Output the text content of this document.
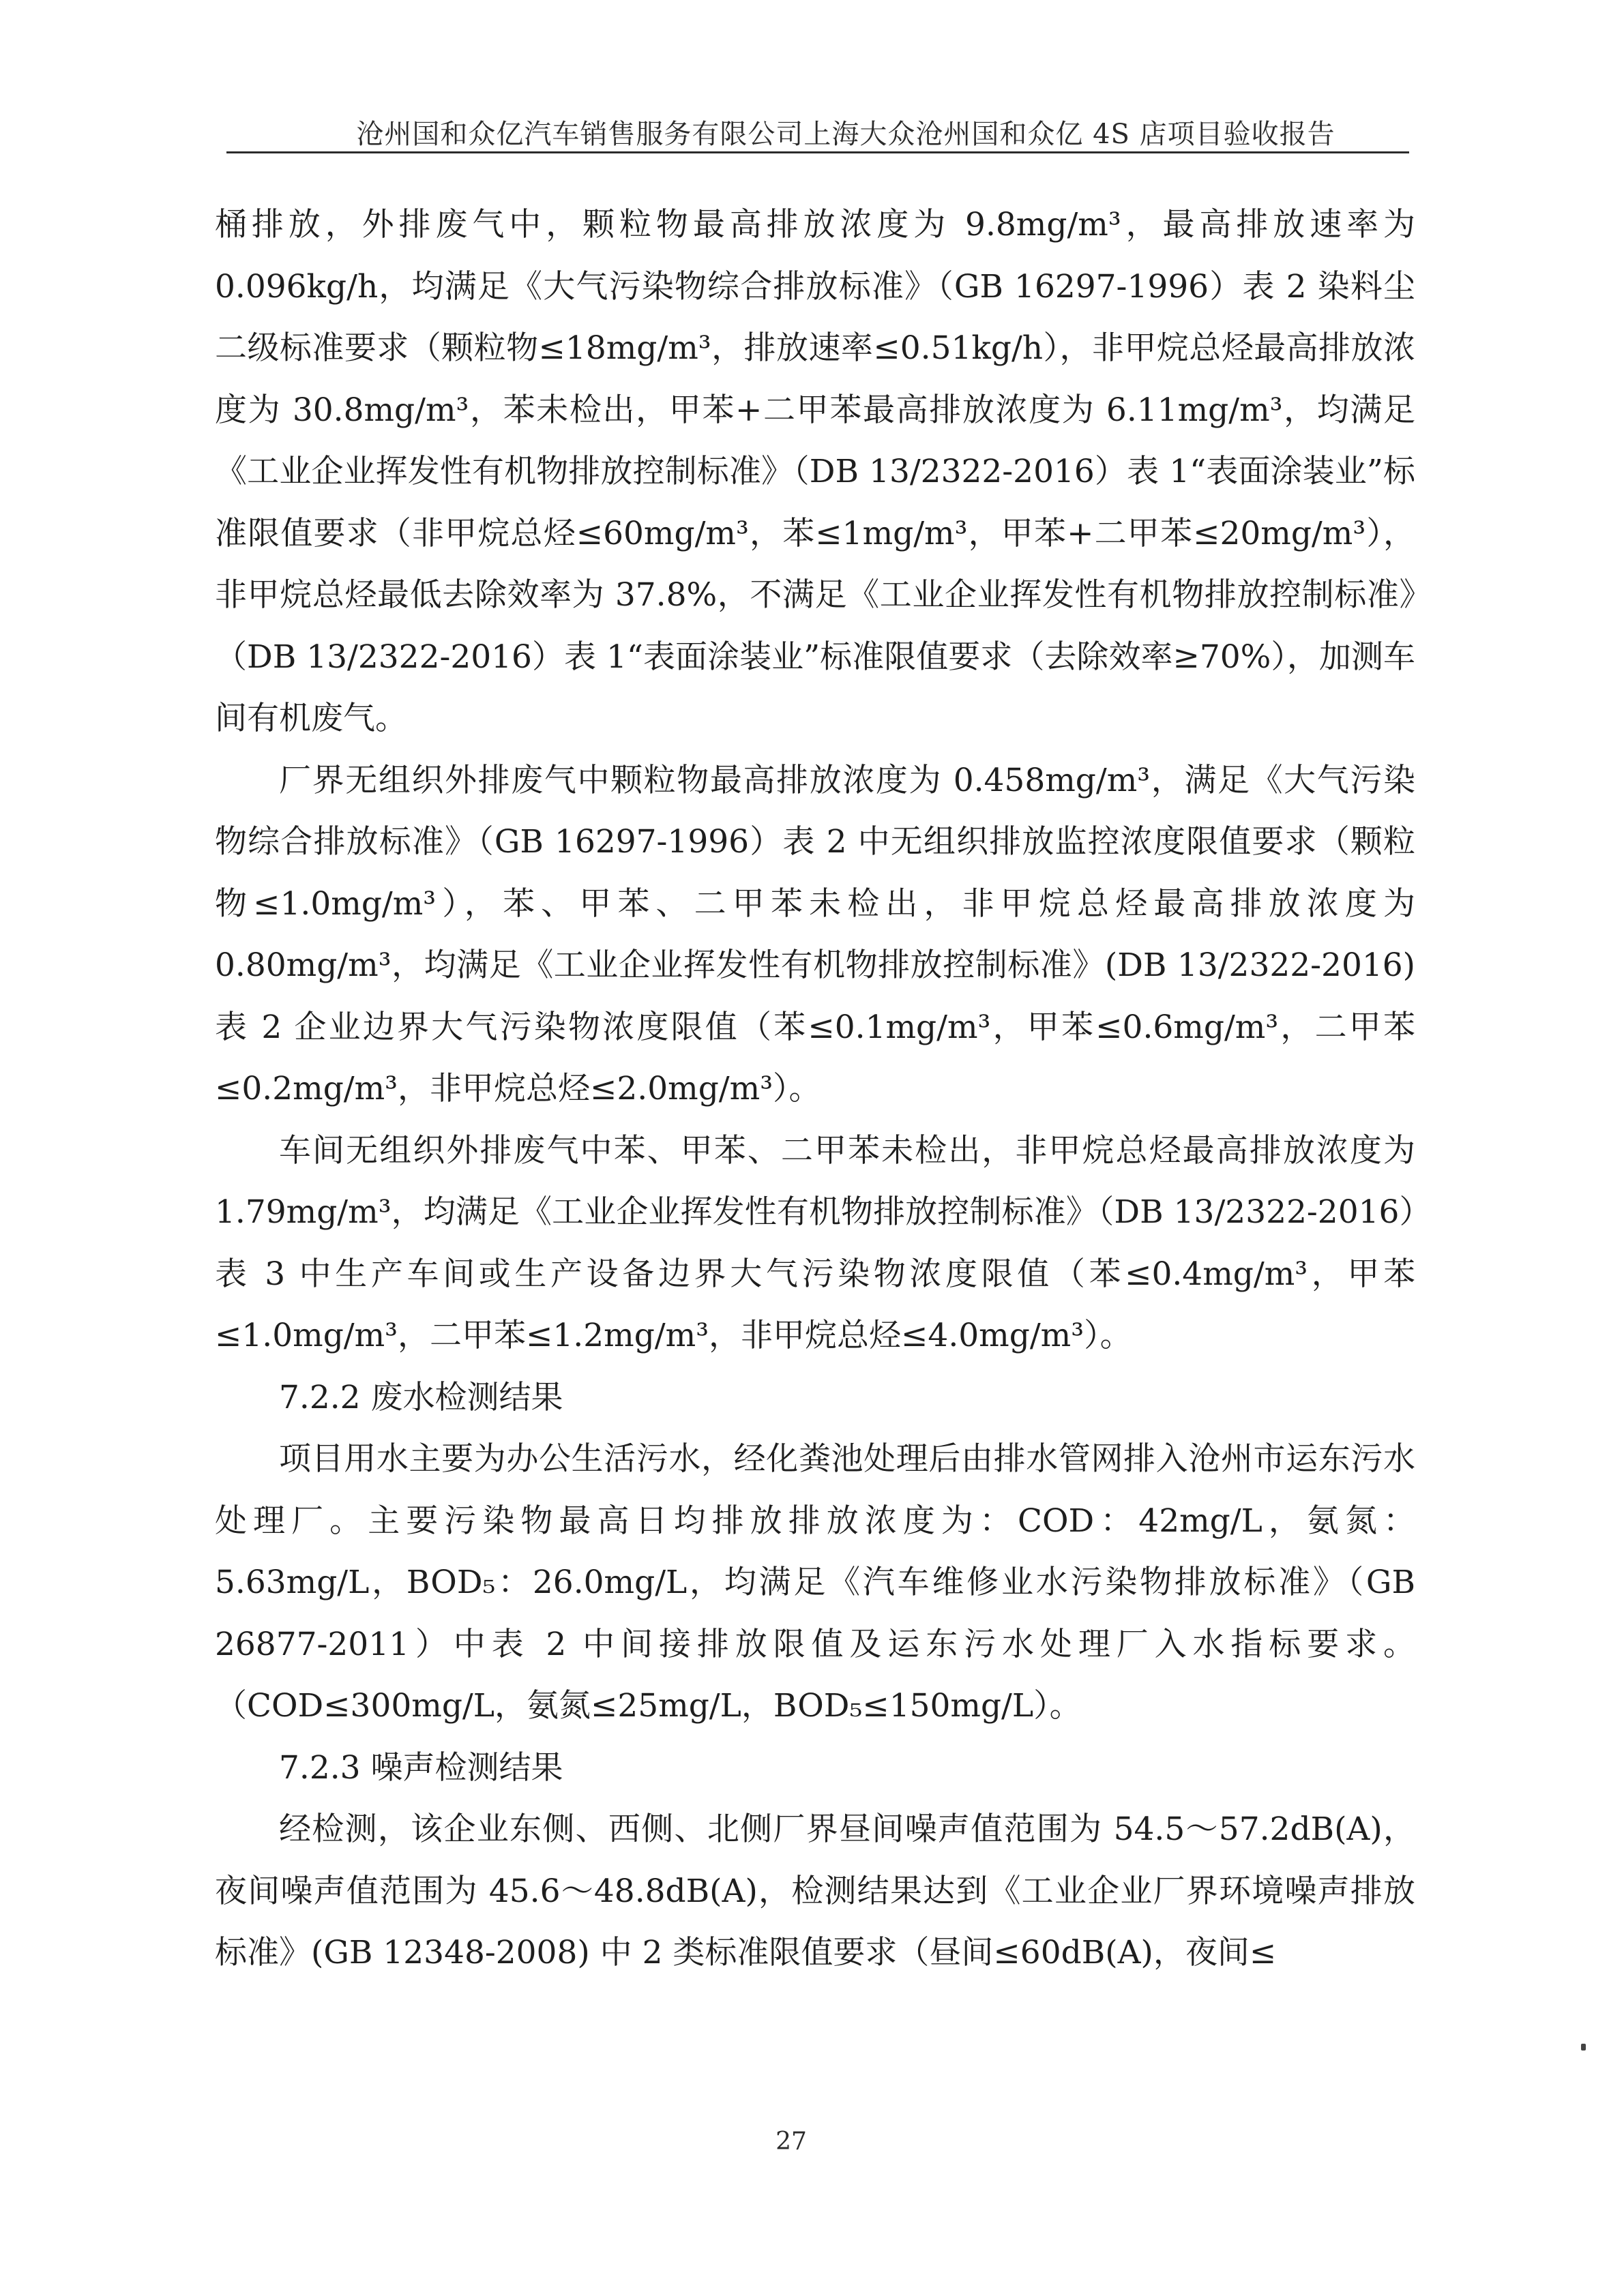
沧州国和众亿汽车销售服务有限公司上海大众沧州国和众亿 4S 店项目验收报告

桶排放，外排废气中，颗粒物最高排放浓度为 9.8mg/m³，最高排放速率为 0.096kg/h，均满足《大气污染物综合排放标准》（GB 16297-1996）表 2 染料尘二级标准要求（颗粒物≤18mg/m³，排放速率≤0.51kg/h），非甲烷总烃最高排放浓度为 30.8mg/m³，苯未检出，甲苯+二甲苯最高排放浓度为 6.11mg/m³，均满足《工业企业挥发性有机物排放控制标准》（DB 13/2322-2016）表 1“表面涂装业”标准限值要求（非甲烷总烃≤60mg/m³，苯≤1mg/m³，甲苯+二甲苯≤20mg/m³），非甲烷总烃最低去除效率为 37.8%，不满足《工业企业挥发性有机物排放控制标准》（DB 13/2322-2016）表 1“表面涂装业”标准限值要求（去除效率≥70%），加测车间有机废气。

厂界无组织外排废气中颗粒物最高排放浓度为 0.458mg/m³，满足《大气污染物综合排放标准》（GB 16297-1996）表 2 中无组织排放监控浓度限值要求（颗粒物≤1.0mg/m³），苯、甲苯、二甲苯未检出，非甲烷总烃最高排放浓度为 0.80mg/m³，均满足《工业企业挥发性有机物排放控制标准》(DB 13/2322-2016) 表 2 企业边界大气污染物浓度限值（苯≤0.1mg/m³，甲苯≤0.6mg/m³，二甲苯≤0.2mg/m³，非甲烷总烃≤2.0mg/m³）。

车间无组织外排废气中苯、甲苯、二甲苯未检出，非甲烷总烃最高排放浓度为 1.79mg/m³，均满足《工业企业挥发性有机物排放控制标准》（DB 13/2322-2016）表 3 中生产车间或生产设备边界大气污染物浓度限值（苯≤0.4mg/m³，甲苯≤1.0mg/m³，二甲苯≤1.2mg/m³，非甲烷总烃≤4.0mg/m³）。

7.2.2 废水检测结果

项目用水主要为办公生活污水，经化粪池处理后由排水管网排入沧州市运东污水处理厂。主要污染物最高日均排放排放浓度为：COD：42mg/L，氨氮：5.63mg/L，BOD₅：26.0mg/L，均满足《汽车维修业水污染物排放标准》（GB 26877-2011）中表 2 中间接排放限值及运东污水处理厂入水指标要求。（COD≤300mg/L，氨氮≤25mg/L，BOD₅≤150mg/L）。

7.2.3 噪声检测结果

经检测，该企业东侧、西侧、北侧厂界昼间噪声值范围为 54.5～57.2dB(A)，夜间噪声值范围为 45.6～48.8dB(A)，检测结果达到《工业企业厂界环境噪声排放标准》(GB 12348-2008) 中 2 类标准限值要求（昼间≤60dB(A)，夜间≤

27
